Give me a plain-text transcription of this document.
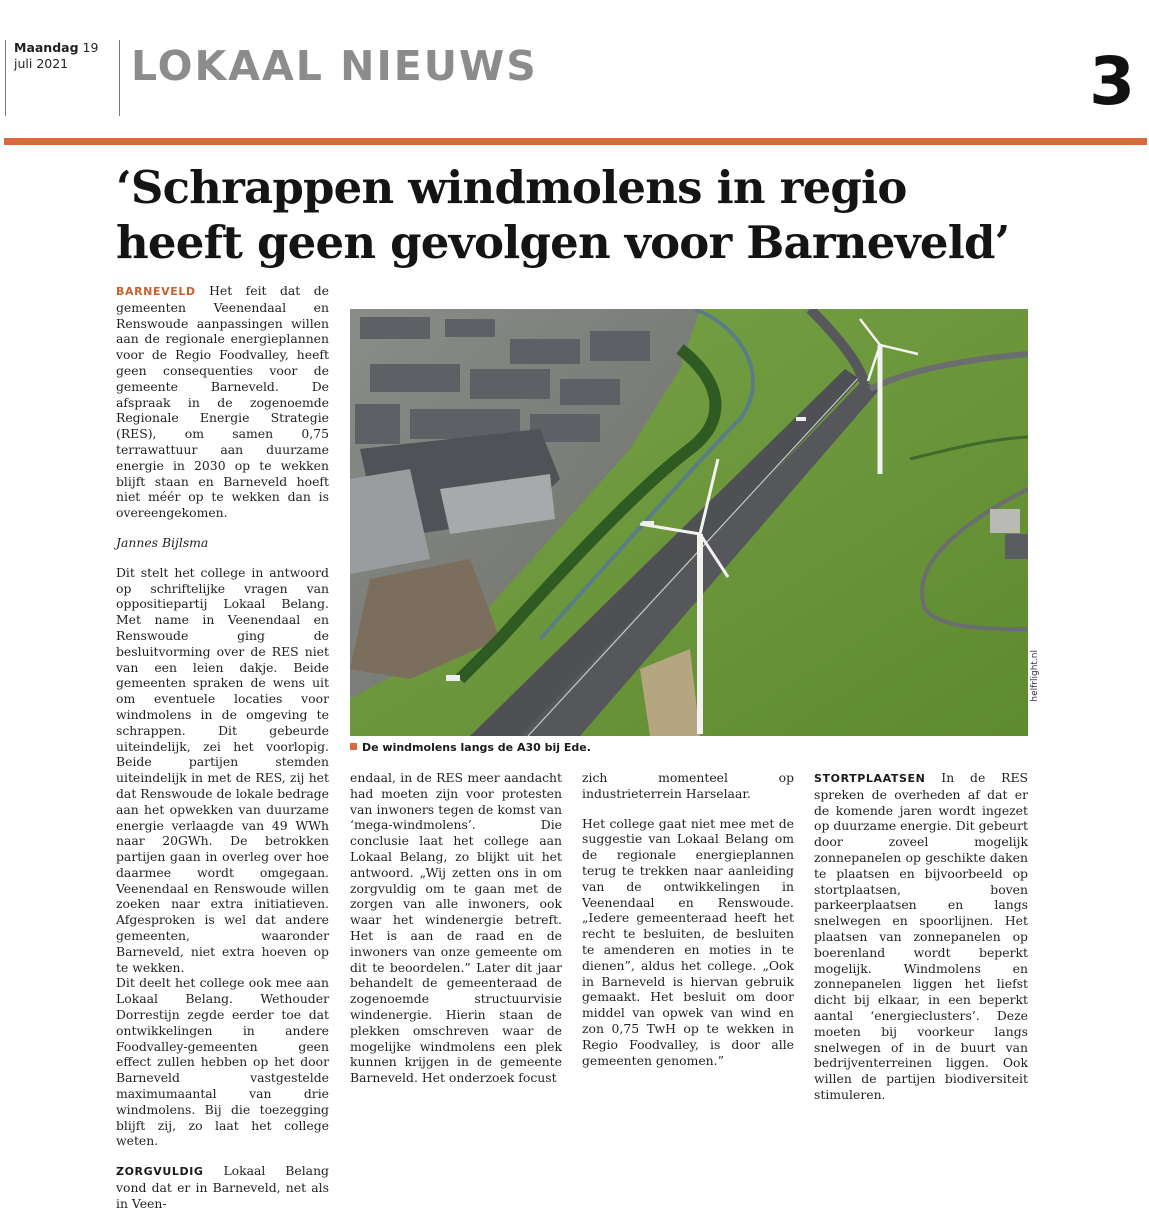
Maandag 19
juli 2021	LOKAAL NIEUWS	3
‘Schrappen windmolens in regio
heeft geen gevolgen voor Barneveld’

BARNEVELD Het feit dat de gemeenten Veenendaal en Renswoude aanpassingen willen aan de regionale energieplannen voor de Regio Foodvalley, heeft geen consequenties voor de gemeente Barneveld. De afspraak in de zogenoemde Regionale Energie Strategie (RES), om samen 0,75 terrawattuur aan duurzame energie in 2030 op te wekken blijft staan en Barneveld hoeft niet méér op te wekken dan is overeengekomen.

Jannes Bijlsma

Dit stelt het college in antwoord op schriftelijke vragen van oppositiepartij Lokaal Belang. Met name in Veenendaal en Renswoude ging de besluitvorming over de RES niet van een leien dakje. Beide gemeenten spraken de wens uit om eventuele locaties voor windmolens in de omgeving te schrappen. Dit gebeurde uiteindelijk, zei het voorlopig. Beide partijen stemden uiteindelijk in met de RES, zij het dat Renswoude de lokale bedrage aan het opwekken van duurzame energie verlaagde van 49 WWh naar 20GWh. De betrokken partijen gaan in overleg over hoe daarmee wordt omgegaan. Veenendaal en Renswoude willen zoeken naar extra initiatieven. Afgesproken is wel dat andere gemeenten, waaronder Barneveld, niet extra hoeven op te wekken.

Dit deelt het college ook mee aan Lokaal Belang. Wethouder Dorrestijn zegde eerder toe dat ontwikkelingen in andere Foodvalley-gemeenten geen effect zullen hebben op het door Barneveld vastgestelde maximumaantal van drie windmolens. Bij die toezegging blijft zij, zo laat het college weten.

ZORGVULDIG Lokaal Belang vond dat er in Barneveld, net als in Veen-

helfrlight.nl
De windmolens langs de A30 bij Ede.

endaal, in de RES meer aandacht had moeten zijn voor protesten van inwoners tegen de komst van ‘mega-windmolens’. Die conclusie laat het college aan Lokaal Belang, zo blijkt uit het antwoord. „Wij zetten ons in om zorgvuldig om te gaan met de zorgen van alle inwoners, ook waar het windenergie betreft. Het is aan de raad en de inwoners van onze gemeente om dit te beoordelen.” Later dit jaar behandelt de gemeenteraad de zogenoemde structuurvisie windenergie. Hierin staan de plekken omschreven waar de mogelijke windmolens een plek kunnen krijgen in de gemeente Barneveld. Het onderzoek focust

zich momenteel op industrieterrein Harselaar.

Het college gaat niet mee met de suggestie van Lokaal Belang om de regionale energieplannen terug te trekken naar aanleiding van de ontwikkelingen in Veenendaal en Renswoude. „Iedere gemeenteraad heeft het recht te besluiten, de besluiten te amenderen en moties in te dienen”, aldus het college. „Ook in Barneveld is hiervan gebruik gemaakt. Het besluit om door middel van opwek van wind en zon 0,75 TwH op te wekken in Regio Foodvalley, is door alle gemeenten genomen.”

STORTPLAATSEN In de RES spreken de overheden af dat er de komende jaren wordt ingezet op duurzame energie. Dit gebeurt door zoveel mogelijk zonnepanelen op geschikte daken te plaatsen en bijvoorbeeld op stortplaatsen, boven parkeerplaatsen en langs snelwegen en spoorlijnen. Het plaatsen van zonnepanelen op boerenland wordt beperkt mogelijk. Windmolens en zonnepanelen liggen het liefst dicht bij elkaar, in een beperkt aantal ‘energieclusters’. Deze moeten bij voorkeur langs snelwegen of in de buurt van bedrijventerreinen liggen. Ook willen de partijen biodiversiteit stimuleren.
